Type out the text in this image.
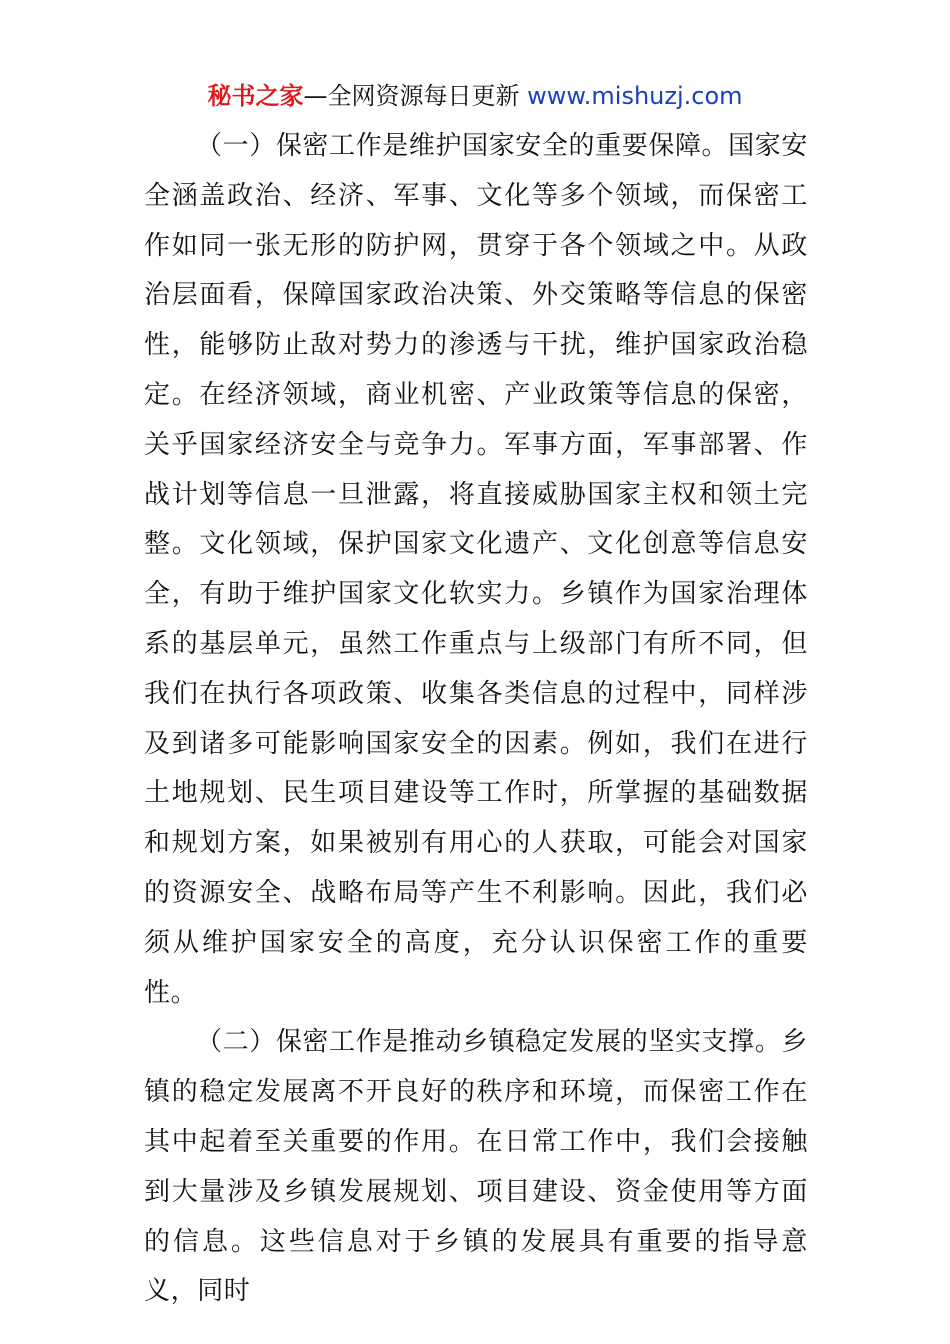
秘书之家—全网资源每日更新 www.mishuzj.com

（一）保密工作是维护国家安全的重要保障。国家安全涵盖政治、经济、军事、文化等多个领域，而保密工作如同一张无形的防护网，贯穿于各个领域之中。从政治层面看，保障国家政治决策、外交策略等信息的保密性，能够防止敌对势力的渗透与干扰，维护国家政治稳定。在经济领域，商业机密、产业政策等信息的保密，关乎国家经济安全与竞争力。军事方面，军事部署、作战计划等信息一旦泄露，将直接威胁国家主权和领土完整。文化领域，保护国家文化遗产、文化创意等信息安全，有助于维护国家文化软实力。乡镇作为国家治理体系的基层单元，虽然工作重点与上级部门有所不同，但我们在执行各项政策、收集各类信息的过程中，同样涉及到诸多可能影响国家安全的因素。例如，我们在进行土地规划、民生项目建设等工作时，所掌握的基础数据和规划方案，如果被别有用心的人获取，可能会对国家的资源安全、战略布局等产生不利影响。因此，我们必须从维护国家安全的高度，充分认识保密工作的重要性。

（二）保密工作是推动乡镇稳定发展的坚实支撑。乡镇的稳定发展离不开良好的秩序和环境，而保密工作在其中起着至关重要的作用。在日常工作中，我们会接触到大量涉及乡镇发展规划、项目建设、资金使用等方面的信息。这些信息对于乡镇的发展具有重要的指导意义，同时
